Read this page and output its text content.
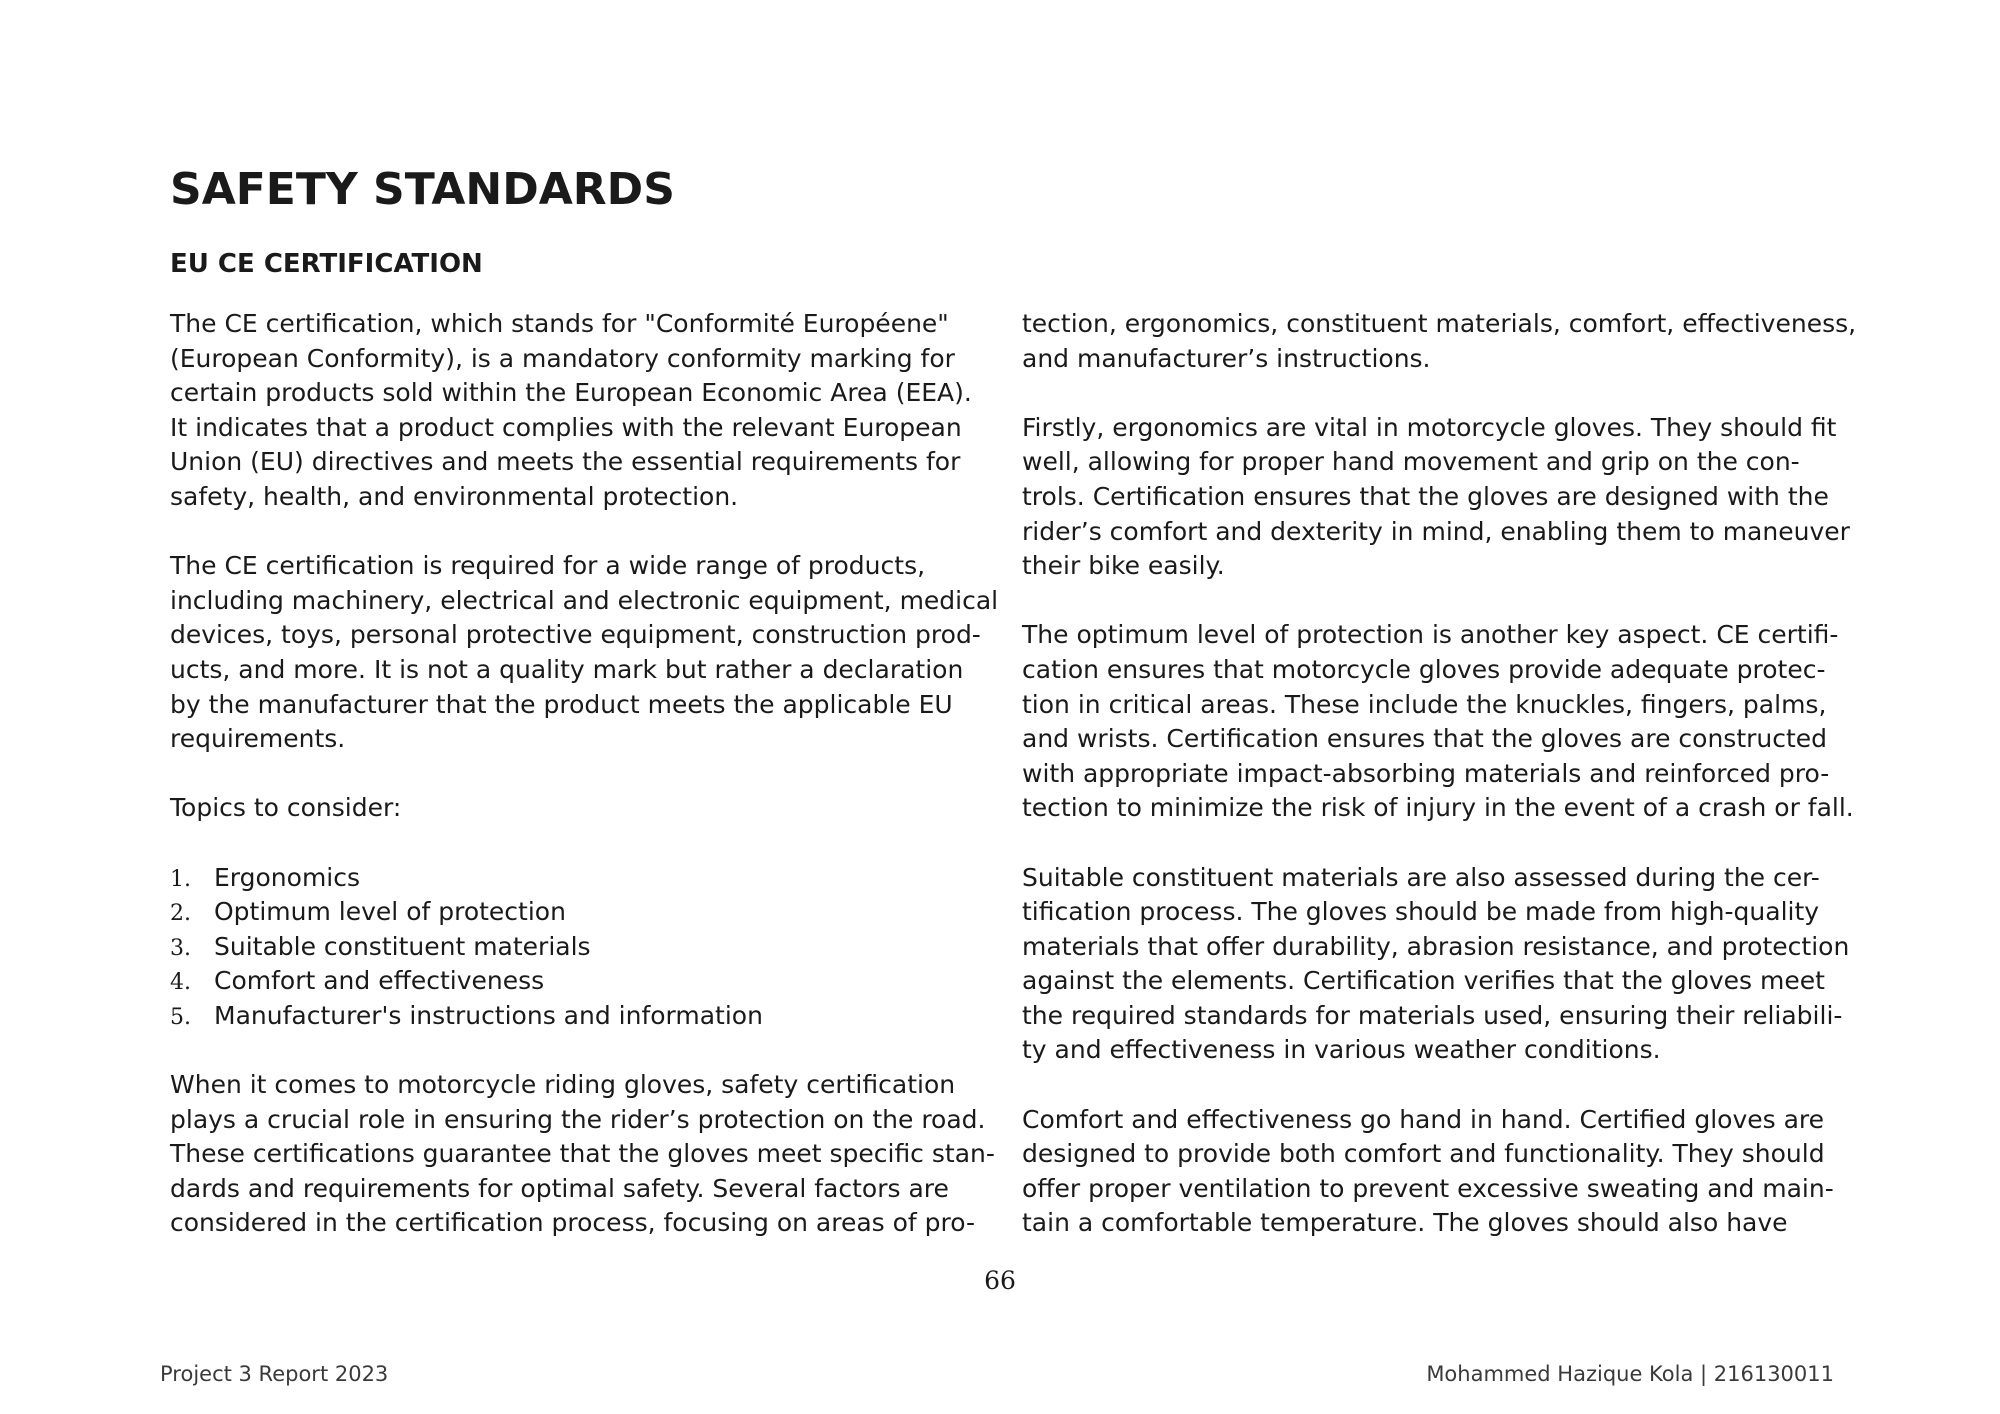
SAFETY STANDARDS
EU CE CERTIFICATION
The CE certification, which stands for "Conformité Européene"
(European Conformity), is a mandatory conformity marking for
certain products sold within the European Economic Area (EEA).
It indicates that a product complies with the relevant European
Union (EU) directives and meets the essential requirements for
safety, health, and environmental protection.
The CE certification is required for a wide range of products,
including machinery, electrical and electronic equipment, medical
devices, toys, personal protective equipment, construction prod-
ucts, and more. It is not a quality mark but rather a declaration
by the manufacturer that the product meets the applicable EU
requirements.
Topics to consider:
1. Ergonomics
2. Optimum level of protection
3. Suitable constituent materials
4. Comfort and effectiveness
5. Manufacturer's instructions and information
When it comes to motorcycle riding gloves, safety certification
plays a crucial role in ensuring the rider’s protection on the road.
These certifications guarantee that the gloves meet specific stan-
dards and requirements for optimal safety. Several factors are
considered in the certification process, focusing on areas of pro-
tection, ergonomics, constituent materials, comfort, effectiveness,
and manufacturer’s instructions.
Firstly, ergonomics are vital in motorcycle gloves. They should fit
well, allowing for proper hand movement and grip on the con-
trols. Certification ensures that the gloves are designed with the
rider’s comfort and dexterity in mind, enabling them to maneuver
their bike easily.
The optimum level of protection is another key aspect. CE certifi-
cation ensures that motorcycle gloves provide adequate protec-
tion in critical areas. These include the knuckles, fingers, palms,
and wrists. Certification ensures that the gloves are constructed
with appropriate impact-absorbing materials and reinforced pro-
tection to minimize the risk of injury in the event of a crash or fall.
Suitable constituent materials are also assessed during the cer-
tification process. The gloves should be made from high-quality
materials that offer durability, abrasion resistance, and protection
against the elements. Certification verifies that the gloves meet
the required standards for materials used, ensuring their reliabili-
ty and effectiveness in various weather conditions.
Comfort and effectiveness go hand in hand. Certified gloves are
designed to provide both comfort and functionality. They should
offer proper ventilation to prevent excessive sweating and main-
tain a comfortable temperature. The gloves should also have
66
Project 3 Report 2023	Mohammed Hazique Kola | 216130011
